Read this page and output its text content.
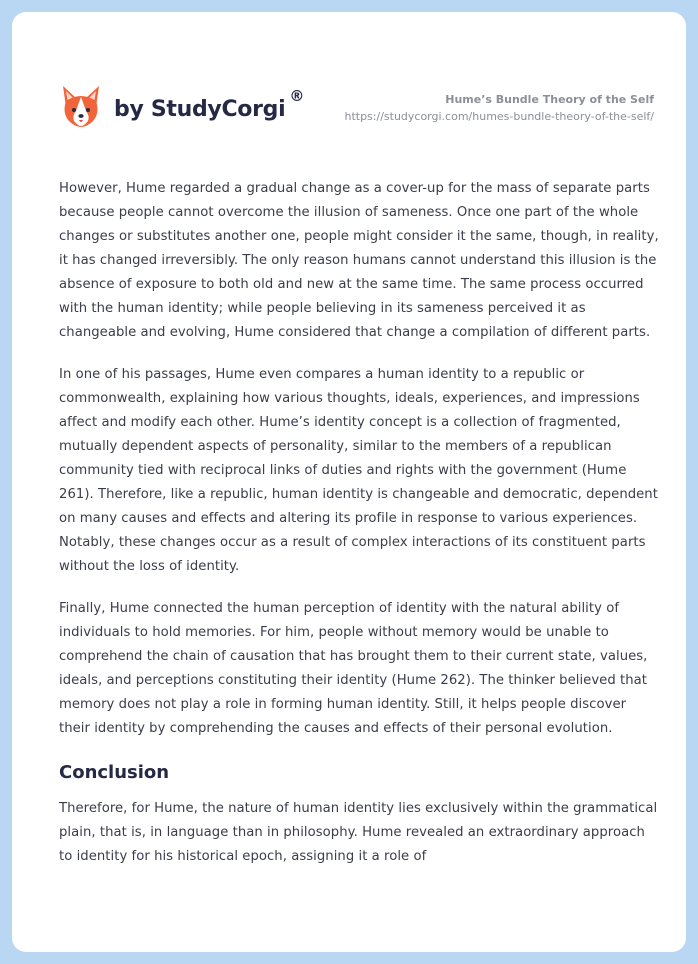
by StudyCorgi
®	Hume’s Bundle Theory of the Self
https://studycorgi.com/humes-bundle-theory-of-the-self/

However, Hume regarded a gradual change as a cover-up for the mass of separate parts because people cannot overcome the illusion of sameness. Once one part of the whole changes or substitutes another one, people might consider it the same, though, in reality, it has changed irreversibly. The only reason humans cannot understand this illusion is the absence of exposure to both old and new at the same time. The same process occurred with the human identity; while people believing in its sameness perceived it as changeable and evolving, Hume considered that change a compilation of different parts.

In one of his passages, Hume even compares a human identity to a republic or commonwealth, explaining how various thoughts, ideals, experiences, and impressions affect and modify each other. Hume’s identity concept is a collection of fragmented, mutually dependent aspects of personality, similar to the members of a republican community tied with reciprocal links of duties and rights with the government (Hume 261). Therefore, like a republic, human identity is changeable and democratic, dependent on many causes and effects and altering its profile in response to various experiences. Notably, these changes occur as a result of complex interactions of its constituent parts without the loss of identity.

Finally, Hume connected the human perception of identity with the natural ability of individuals to hold memories. For him, people without memory would be unable to comprehend the chain of causation that has brought them to their current state, values, ideals, and perceptions constituting their identity (Hume 262). The thinker believed that memory does not play a role in forming human identity. Still, it helps people discover their identity by comprehending the causes and effects of their personal evolution.

Conclusion

Therefore, for Hume, the nature of human identity lies exclusively within the grammatical plain, that is, in language than in philosophy. Hume revealed an extraordinary approach to identity for his historical epoch, assigning it a role of
